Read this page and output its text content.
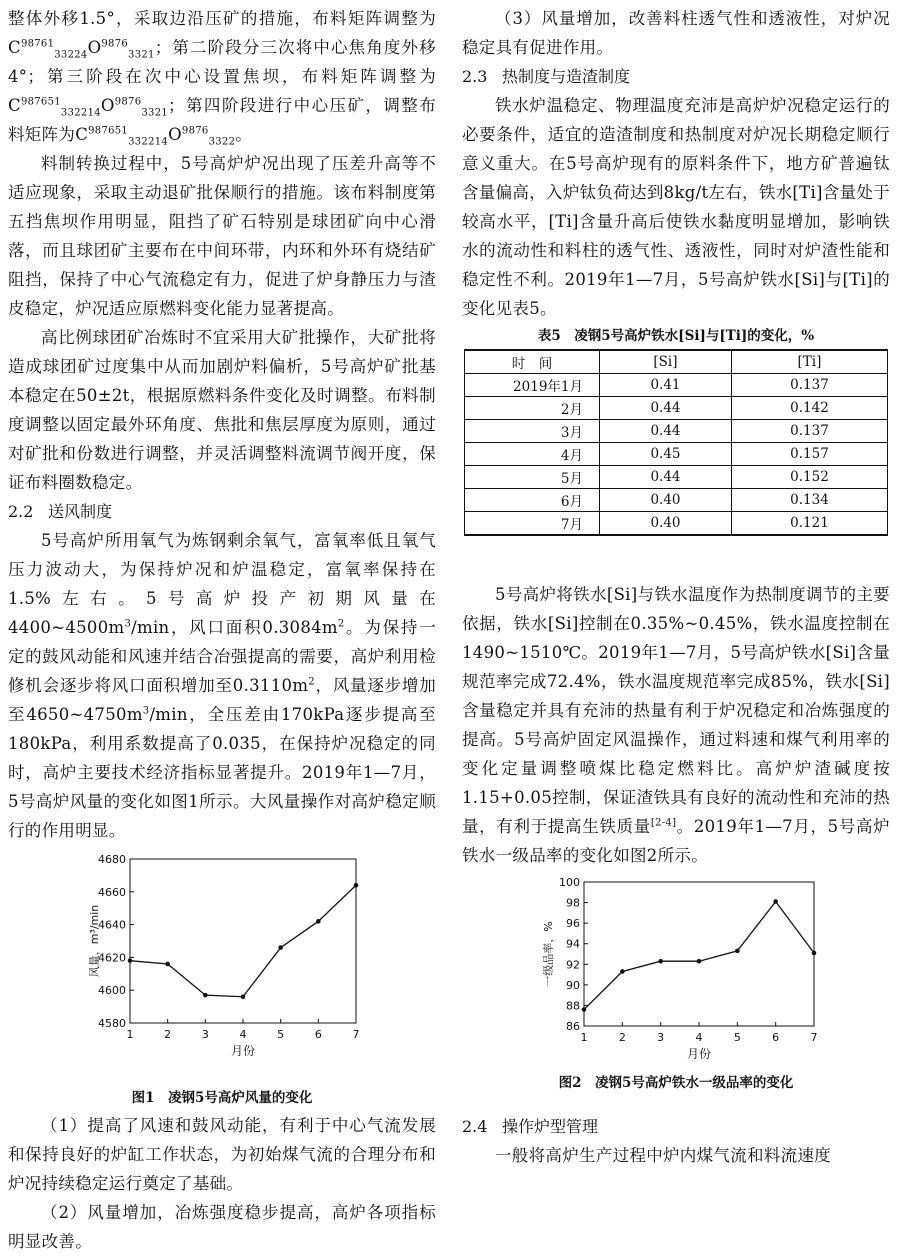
整体外移1.5°，采取边沿压矿的措施，布料矩阵调整为$C^{98761}_{33224}O^{9876}_{3321}$；第二阶段分三次将中心焦角度外移4°；第三阶段在次中心设置焦坝，布料矩阵调整为$C^{987651}_{332214}O^{9876}_{3321}$；第四阶段进行中心压矿，调整布料矩阵为$C^{987651}_{332214}O^{9876}_{3322}$。

料制转换过程中，5号高炉炉况出现了压差升高等不适应现象，采取主动退矿批保顺行的措施。该布料制度第五挡焦坝作用明显，阻挡了矿石特别是球团矿向中心滑落，而且球团矿主要布在中间环带，内环和外环有烧结矿阻挡，保持了中心气流稳定有力，促进了炉身静压力与渣皮稳定，炉况适应原燃料变化能力显著提高。

高比例球团矿冶炼时不宜采用大矿批操作，大矿批将造成球团矿过度集中从而加剧炉料偏析，5号高炉矿批基本稳定在50±2t，根据原燃料条件变化及时调整。布料制度调整以固定最外环角度、焦批和焦层厚度为原则，通过对矿批和份数进行调整，并灵活调整料流调节阀开度，保证布料圈数稳定。

2.2 送风制度

5号高炉所用氧气为炼钢剩余氧气，富氧率低且氧气压力波动大，为保持炉况和炉温稳定，富氧率保持在1.5%左右。5号高炉投产初期风量在$4400\sim 4500m^3/\min$，风口面积$0.3084m^2$。为保持一定的鼓风动能和风速并结合冶强提高的需要，高炉利用检修机会逐步将风口面积增加至$0.3110m^2$，风量逐步增加至$4650\sim 4750m^3/\min$，全压差由170kPa逐步提高至180kPa，利用系数提高了0.035，在保持炉况稳定的同时，高炉主要技术经济指标显著提升。2019年1—7月，5号高炉风量的变化如图1所示。大风量操作对高炉稳定顺行的作用明显。

4580
4600
4620
4640
4660
4680
1	2	3	4	5	6	7
月份
风量，m³/min
图1　凌钢5号高炉风量的变化

（1）提高了风速和鼓风动能，有利于中心气流发展和保持良好的炉缸工作状态，为初始煤气流的合理分布和炉况持续稳定运行奠定了基础。

（2）风量增加，冶炼强度稳步提高，高炉各项指标明显改善。

（3）风量增加，改善料柱透气性和透液性，对炉况稳定具有促进作用。

2.3 热制度与造渣制度

铁水炉温稳定、物理温度充沛是高炉炉况稳定运行的必要条件，适宜的造渣制度和热制度对炉况长期稳定顺行意义重大。在5号高炉现有的原料条件下，地方矿普遍钛含量偏高，入炉钛负荷达到8kg/t左右，铁水[Ti]含量处于较高水平，[Ti]含量升高后使铁水黏度明显增加，影响铁水的流动性和料柱的透气性、透液性，同时对炉渣性能和稳定性不利。2019年1—7月，5号高炉铁水[Si]与[Ti]的变化见表5。

表5　凌钢5号高炉铁水[Si]与[Ti]的变化，%
时　间	[Si]	[Ti]
2019年1月	0.41	0.137
2月	0.44	0.142
3月	0.44	0.137
4月	0.45	0.157
5月	0.44	0.152
6月	0.40	0.134
7月	0.40	0.121

5号高炉将铁水[Si]与铁水温度作为热制度调节的主要依据，铁水[Si]控制在0.35%~0.45%，铁水温度控制在1490~1510℃。2019年1—7月，5号高炉铁水[Si]含量规范率完成72.4%，铁水温度规范率完成85%，铁水[Si]含量稳定并具有充沛的热量有利于炉况稳定和冶炼强度的提高。5号高炉固定风温操作，通过料速和煤气利用率的变化定量调整喷煤比稳定燃料比。高炉炉渣碱度按1.15+0.05控制，保证渣铁具有良好的流动性和充沛的热量，有利于提高生铁质量[2-4]。2019年1—7月，5号高炉铁水一级品率的变化如图2所示。

86
88
90
92
94
96
98
100
1	2	3	4	5	6	7
月份
一级品率，%
图2　凌钢5号高炉铁水一级品率的变化
2.4 操作炉型管理

一般将高炉生产过程中炉内煤气流和料流速度
